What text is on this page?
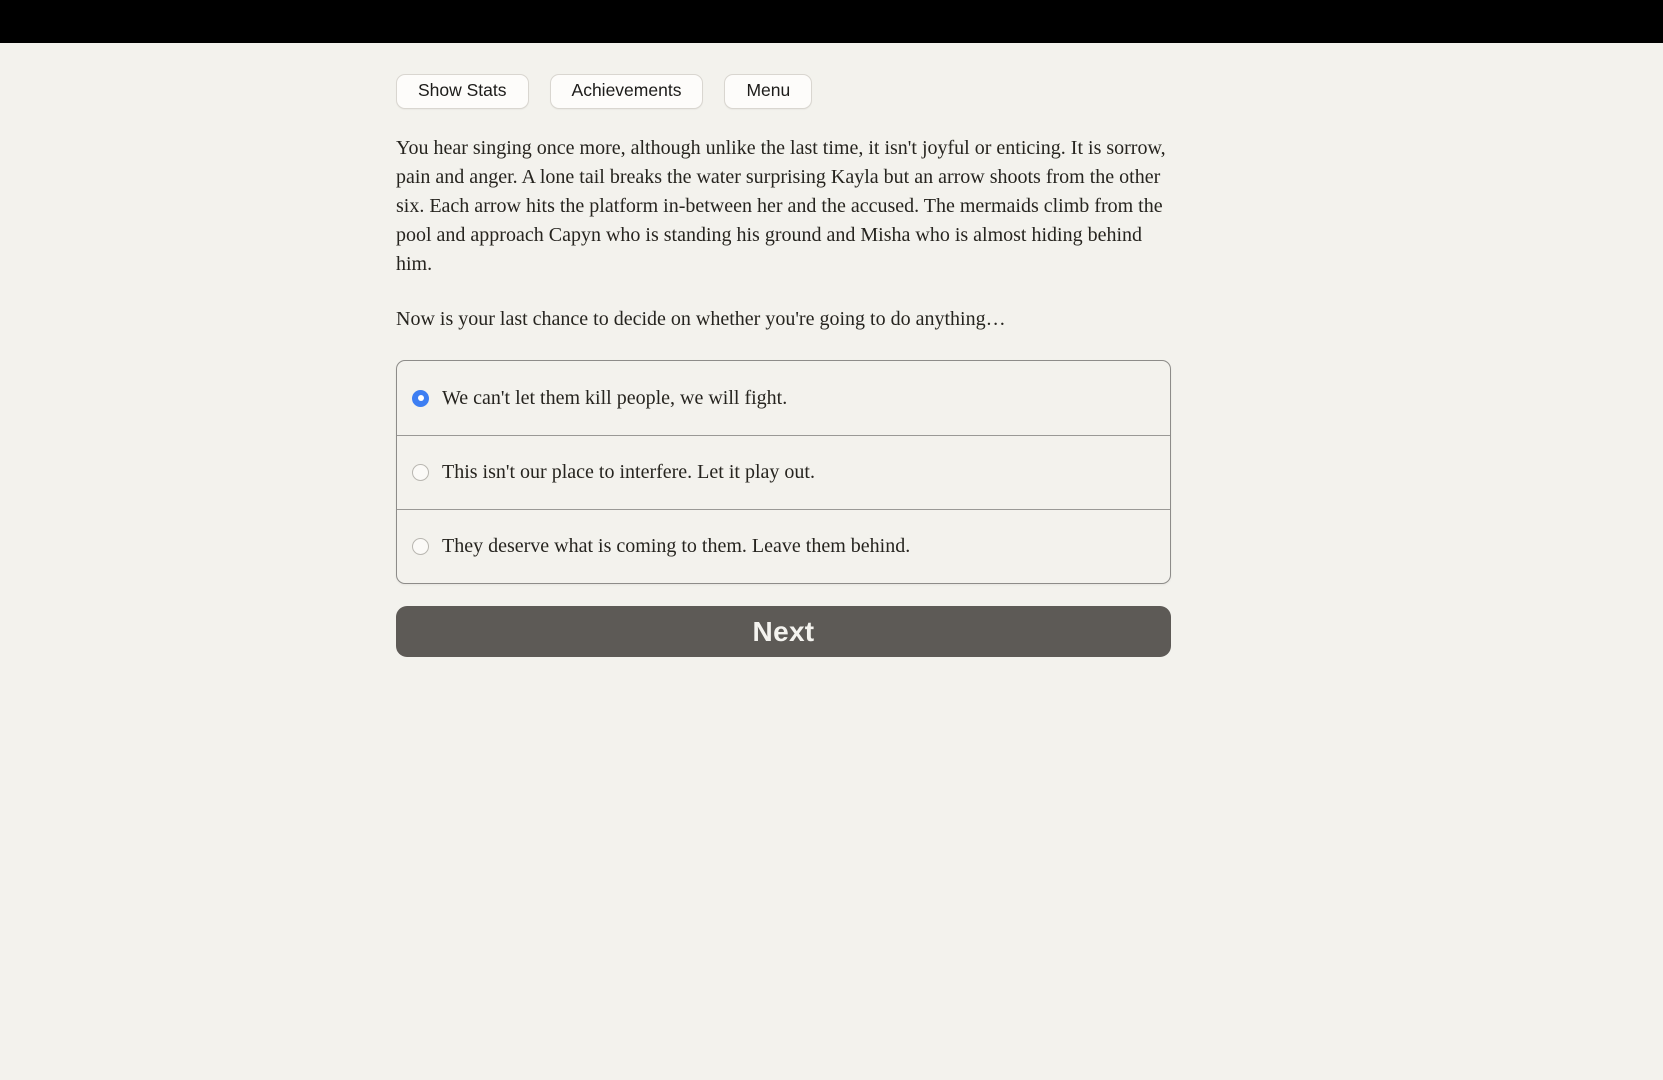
Show Stats	Achievements	Menu

You hear singing once more, although unlike the last time, it isn't joyful or enticing. It is sorrow, pain and anger. A lone tail breaks the water surprising Kayla but an arrow shoots from the other six. Each arrow hits the platform in-between her and the accused. The mermaids climb from the pool and approach Capyn who is standing his ground and Misha who is almost hiding behind him.

Now is your last chance to decide on whether you're going to do anything…

We can't let them kill people, we will fight.
This isn't our place to interfere. Let it play out.
They deserve what is coming to them. Leave them behind.
Next
